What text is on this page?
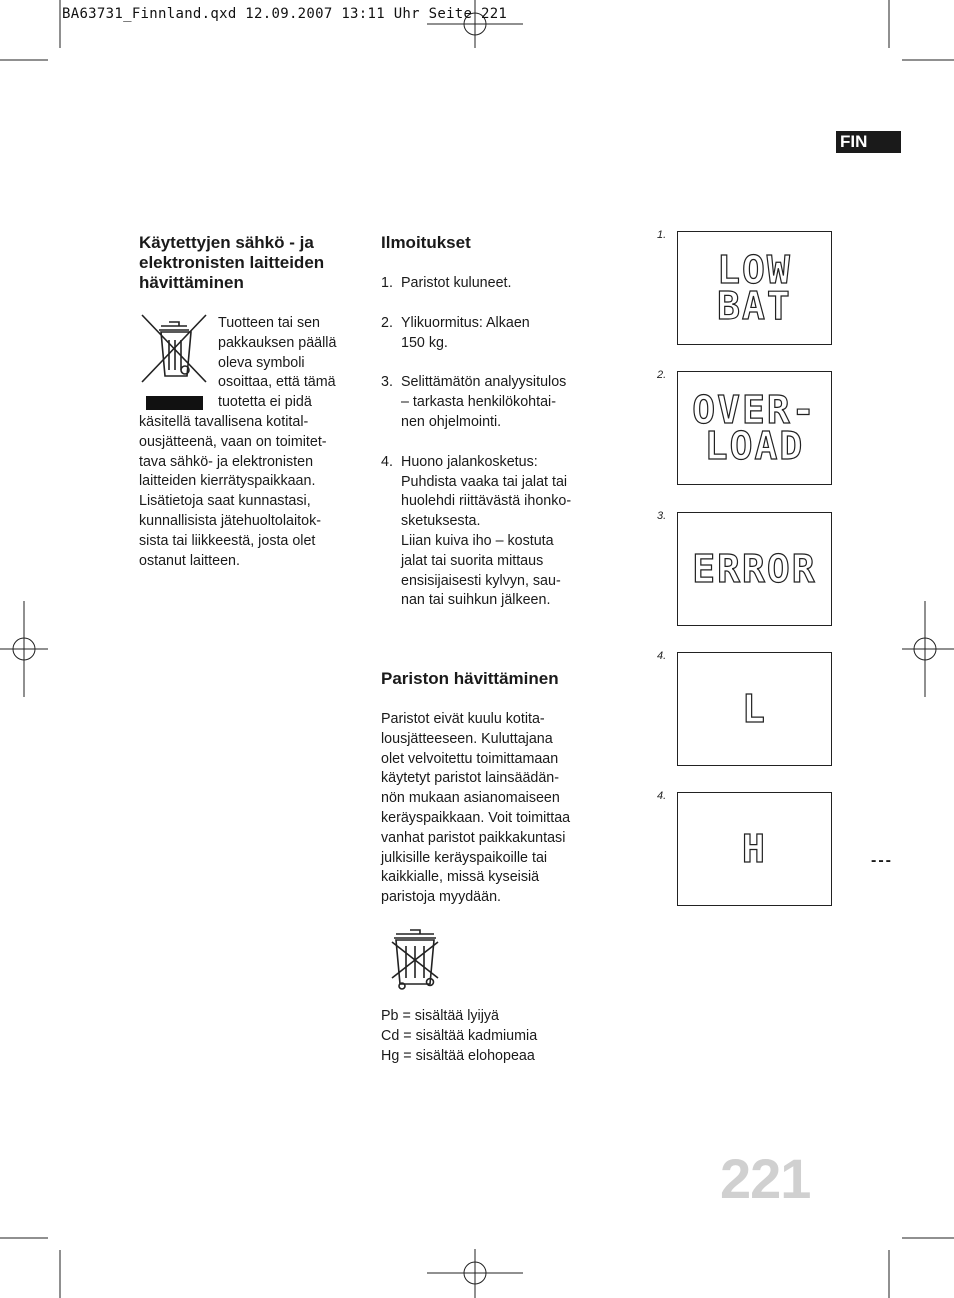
BA63731_Finnland.qxd 12.09.2007 13:11 Uhr Seite 221
FIN
Käytettyjen sähkö - ja elektronisten laitteiden hävittäminen
Tuotteen tai sen
pakkauksen päällä
oleva symboli
osoittaa, että tämä
tuotetta ei pidä
käsitellä tavallisena kotital-
ousjätteenä, vaan on toimitet-
tava sähkö- ja elektronisten
laitteiden kierrätyspaikkaan.
Lisätietoja saat kunnastasi,
kunnallisista jätehuoltolaitok-
sista tai liikkeestä, josta olet
ostanut laitteen.
Ilmoitukset
1. Paristot kuluneet.
2. Ylikuormitus: Alkaen
150 kg.
3. Selittämätön analyysitulos
– tarkasta henkilökohtai-
nen ohjelmointi.
4. Huono jalankosketus:
Puhdista vaaka tai jalat tai
huolehdi riittävästä ihonko-
sketuksesta.
Liian kuiva iho – kostuta
jalat tai suorita mittaus
ensisijaisesti kylvyn, sau-
nan tai suihkun jälkeen.
Pariston hävittäminen
Paristot eivät kuulu kotita-
lousjätteeseen. Kuluttajana
olet velvoitettu toimittamaan
käytetyt paristot lainsäädän-
nön mukaan asianomaiseen
keräyspaikkaan. Voit toimittaa
vanhat paristot paikkakuntasi
julkisille keräyspaikoille tai
kaikkialle, missä kyseisiä
paristoja myydään.
Pb = sisältää lyijyä
Cd = sisältää kadmiumia
Hg = sisältää elohopeaa
1.
LOW
BAT
2.
OVER-
LOAD
3.
ERROR
4.
L
4.
H	---
221
